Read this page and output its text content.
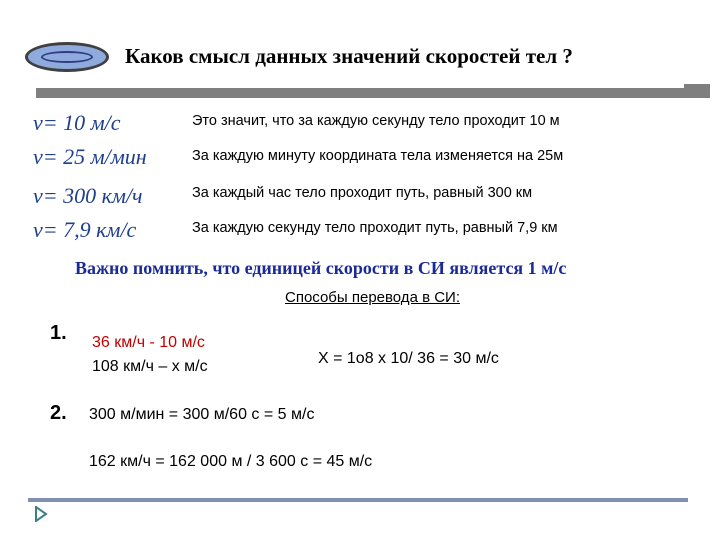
Каков смысл данных значений скоростей тел ?
v= 10 м/с	Это значит, что за каждую секунду тело проходит 10 м
v= 25 м/мин	За каждую минуту координата тела изменяется на 25м
v= 300 км/ч	За каждый час тело проходит путь, равный 300 км
v= 7,9 км/с	За каждую секунду тело проходит путь, равный 7,9 км
Важно помнить, что единицей скорости в СИ является 1 м/с
Способы перевода в СИ:
1. 36 км/ч - 10 м/с
108 км/ч – х м/с	Х = 1о8 х 10/ 36 = 30 м/с
2. 300 м/мин = 300 м/60 с = 5 м/с
162 км/ч = 162 000 м / 3 600 с = 45 м/с
